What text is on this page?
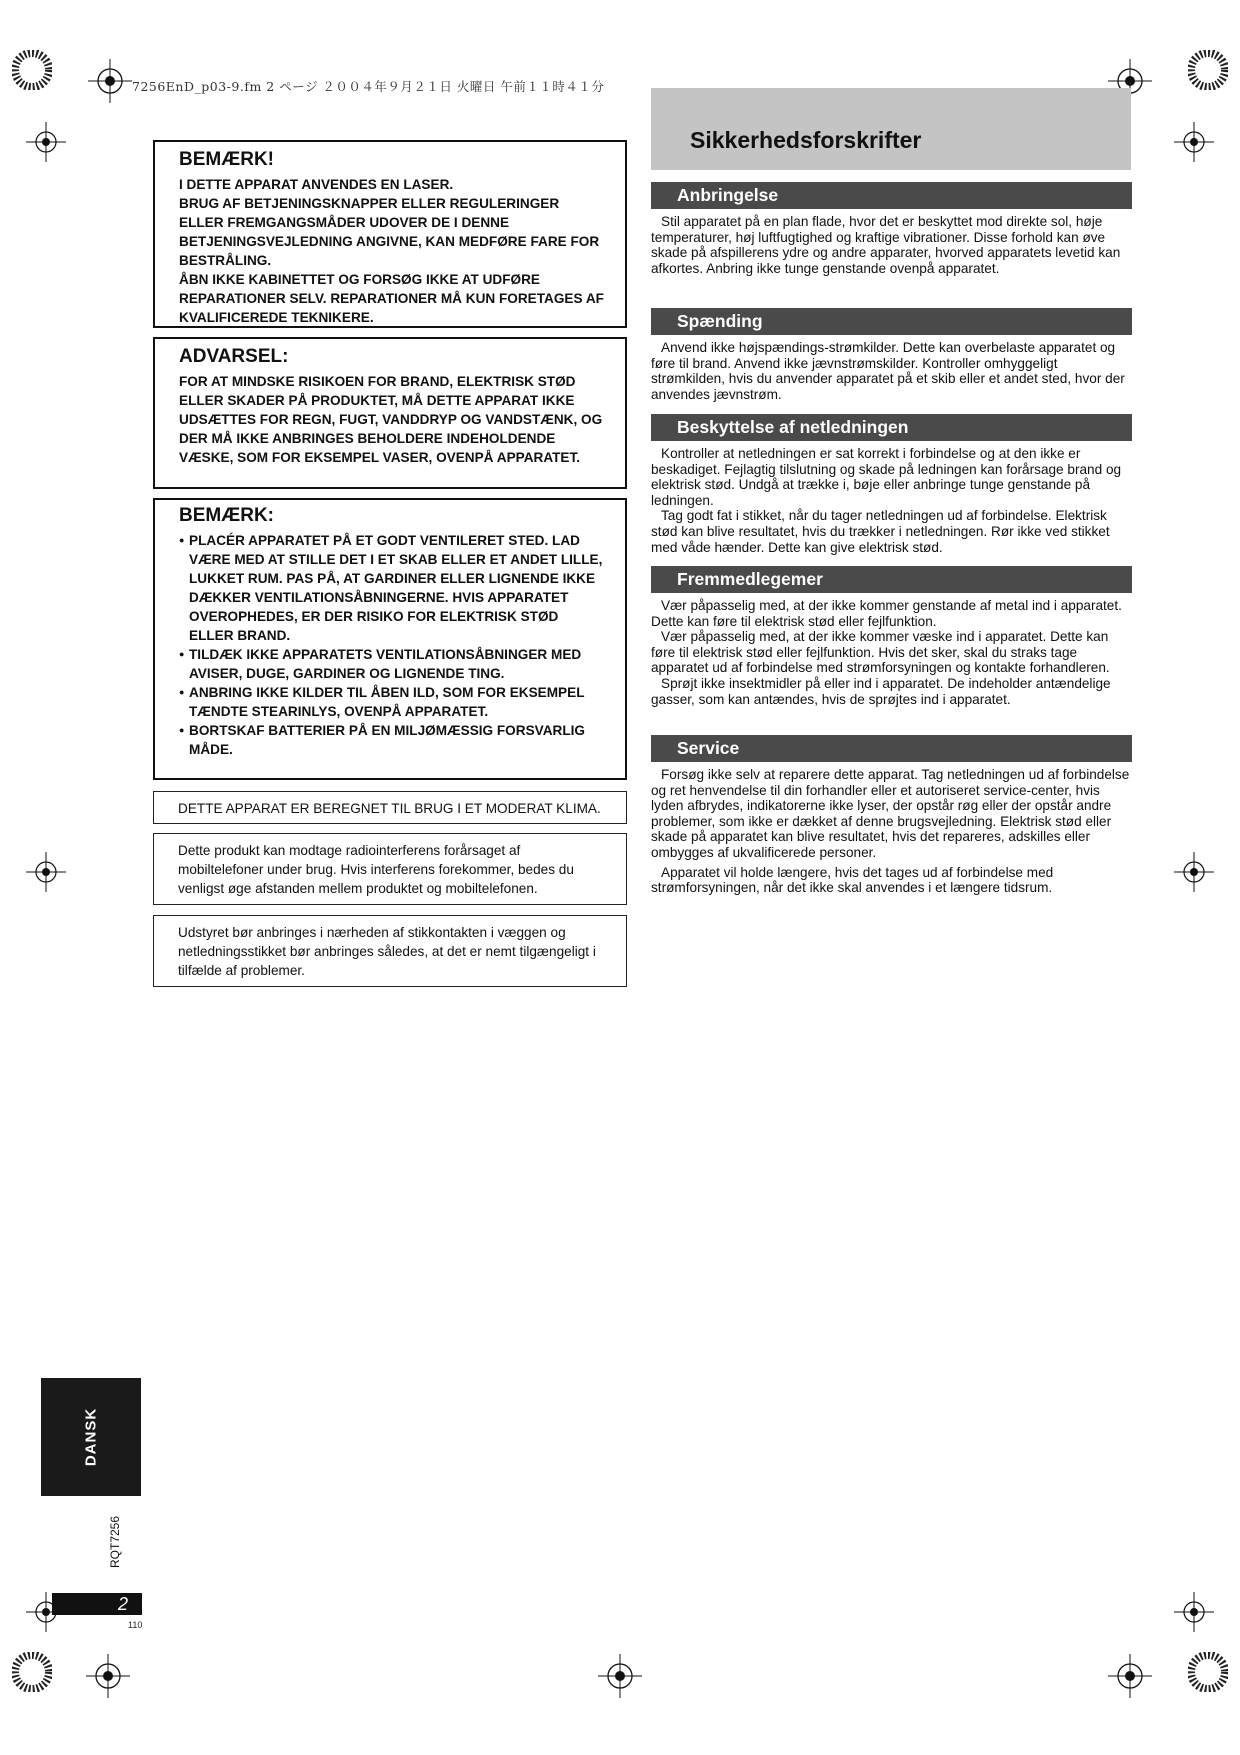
7256EnD_p03-9.fm 2 ページ ２００４年９月２１日 火曜日 午前１１時４１分
BEMÆRK!
I DETTE APPARAT ANVENDES EN LASER.
BRUG AF BETJENINGSKNAPPER ELLER REGULERINGER ELLER FREMGANGSMÅDER UDOVER DE I DENNE BETJENINGSVEJLEDNING ANGIVNE, KAN MEDFØRE FARE FOR BESTRÅLING.
ÅBN IKKE KABINETTET OG FORSØG IKKE AT UDFØRE REPARATIONER SELV. REPARATIONER MÅ KUN FORETAGES AF KVALIFICEREDE TEKNIKERE.
ADVARSEL:
FOR AT MINDSKE RISIKOEN FOR BRAND, ELEKTRISK STØD ELLER SKADER PÅ PRODUKTET, MÅ DETTE APPARAT IKKE UDSÆTTES FOR REGN, FUGT, VANDDRYP OG VANDSTÆNK, OG DER MÅ IKKE ANBRINGES BEHOLDERE INDEHOLDENDE VÆSKE, SOM FOR EKSEMPEL VASER, OVENPÅ APPARATET.
BEMÆRK:
● PLACÉR APPARATET PÅ ET GODT VENTILERET STED. LAD VÆRE MED AT STILLE DET I ET SKAB ELLER ET ANDET LILLE, LUKKET RUM. PAS PÅ, AT GARDINER ELLER LIGNENDE IKKE DÆKKER VENTILATIONSÅBNINGERNE. HVIS APPARATET OVEROPHEDES, ER DER RISIKO FOR ELEKTRISK STØD ELLER BRAND.
● TILDÆK IKKE APPARATETS VENTILATIONSÅBNINGER MED AVISER, DUGE, GARDINER OG LIGNENDE TING.
● ANBRING IKKE KILDER TIL ÅBEN ILD, SOM FOR EKSEMPEL TÆNDTE STEARINLYS, OVENPÅ APPARATET.
● BORTSKAF BATTERIER PÅ EN MILJØMÆSSIG FORSVARLIG MÅDE.
DETTE APPARAT ER BEREGNET TIL BRUG I ET MODERAT KLIMA.
Dette produkt kan modtage radiointerferens forårsaget af mobiltelefoner under brug. Hvis interferens forekommer, bedes du venligst øge afstanden mellem produktet og mobiltelefonen.
Udstyret bør anbringes i nærheden af stikkontakten i væggen og netledningsstikket bør anbringes således, at det er nemt tilgængeligt i tilfælde af problemer.
Sikkerhedsforskrifter
Anbringelse

Stil apparatet på en plan flade, hvor det er beskyttet mod direkte sol, høje temperaturer, høj luftfugtighed og kraftige vibrationer. Disse forhold kan øve skade på afspillerens ydre og andre apparater, hvorved apparatets levetid kan afkortes. Anbring ikke tunge genstande ovenpå apparatet.

Spænding

Anvend ikke højspændings-strømkilder. Dette kan overbelaste apparatet og føre til brand. Anvend ikke jævnstrømskilder. Kontroller omhyggeligt strømkilden, hvis du anvender apparatet på et skib eller et andet sted, hvor der anvendes jævnstrøm.

Beskyttelse af netledningen

Kontroller at netledningen er sat korrekt i forbindelse og at den ikke er beskadiget. Fejlagtig tilslutning og skade på ledningen kan forårsage brand og elektrisk stød. Undgå at trække i, bøje eller anbringe tunge genstande på ledningen.

Tag godt fat i stikket, når du tager netledningen ud af forbindelse. Elektrisk stød kan blive resultatet, hvis du trækker i netledningen. Rør ikke ved stikket med våde hænder. Dette kan give elektrisk stød.

Fremmedlegemer

Vær påpasselig med, at der ikke kommer genstande af metal ind i apparatet. Dette kan føre til elektrisk stød eller fejlfunktion.

Vær påpasselig med, at der ikke kommer væske ind i apparatet. Dette kan føre til elektrisk stød eller fejlfunktion. Hvis det sker, skal du straks tage apparatet ud af forbindelse med strømforsyningen og kontakte forhandleren.

Sprøjt ikke insektmidler på eller ind i apparatet. De indeholder antændelige gasser, som kan antændes, hvis de sprøjtes ind i apparatet.

Service

Forsøg ikke selv at reparere dette apparat. Tag netledningen ud af forbindelse og ret henvendelse til din forhandler eller et autoriseret service-center, hvis lyden afbrydes, indikatorerne ikke lyser, der opstår røg eller der opstår andre problemer, som ikke er dækket af denne brugsvejledning. Elektrisk stød eller skade på apparatet kan blive resultatet, hvis det repareres, adskilles eller ombygges af ukvalificerede personer.

Apparatet vil holde længere, hvis det tages ud af forbindelse med strømforsyningen, når det ikke skal anvendes i et længere tidsrum.

DANSK
RQT7256
2
110
